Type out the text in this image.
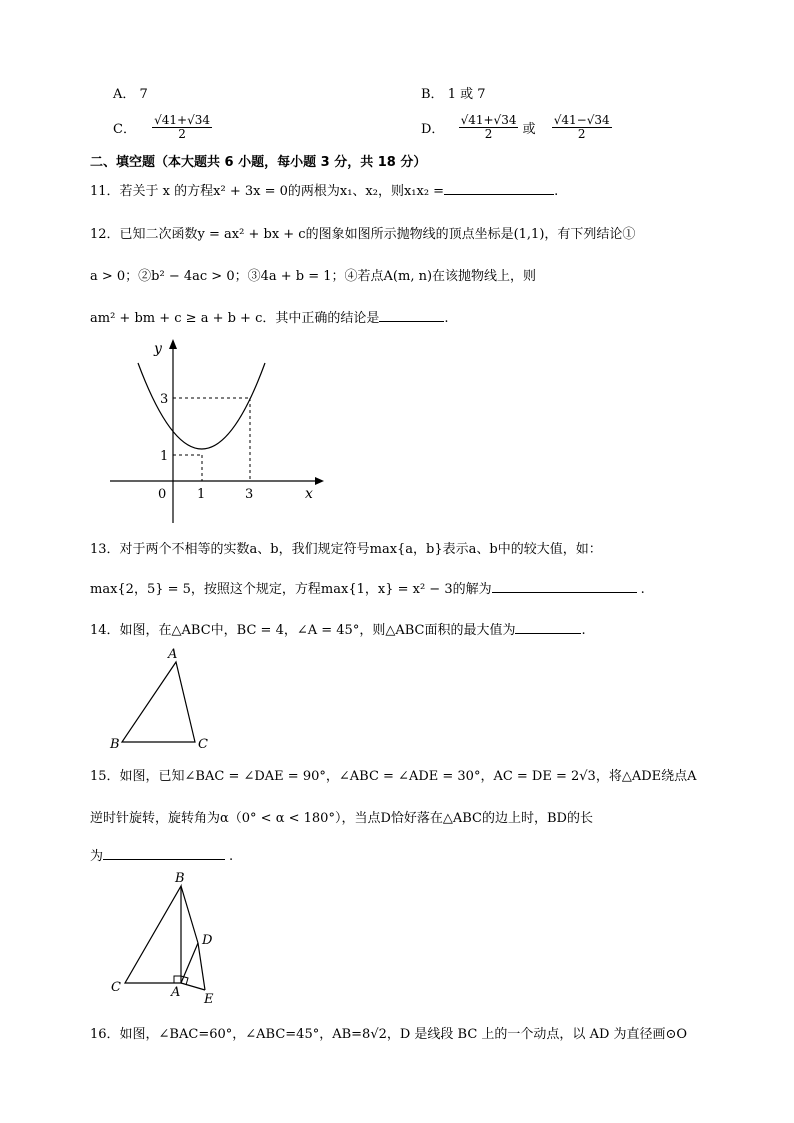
A． 7	B． 1 或 7
C． $\frac{√41+√34}{2}$	D． $\frac{√41+√34}{2}$ 或 $\frac{√41-√34}{2}$
二、填空题（本大题共 6 小题，每小题 3 分，共 18 分）
11．若关于 x 的方程x² + 3x = 0的两根为x₁、x₂，则x₁x₂ =	.
12．已知二次函数y = ax² + bx + c的图象如图所示抛物线的顶点坐标是(1,1)，有下列结论①
a > 0；②b² − 4ac > 0；③4a + b = 1；④若点A(m, n)在该抛物线上，则
am² + bm + c ≥ a + b + c．其中正确的结论是	.
y
x
0 1	3
1
3
13．对于两个不相等的实数a、b，我们规定符号max{a，b}表示a、b中的较大值，如：
max{2，5} = 5，按照这个规定，方程max{1，x} = x² − 3的解为	.
14．如图，在△ABC中，BC = 4，∠A = 45°，则△ABC面积的最大值为	.
A
B	C
15．如图，已知∠BAC = ∠DAE = 90°，∠ABC = ∠ADE = 30°，AC = DE = 2√3，将△ADE绕点A
逆时针旋转，旋转角为α（0° < α < 180°），当点D恰好落在△ABC的边上时，BD的长
为	.
B
C	A
D
E
16．如图，∠BAC=60°，∠ABC=45°，AB=8√2，D 是线段 BC 上的一个动点，以 AD 为直径画⊙O
